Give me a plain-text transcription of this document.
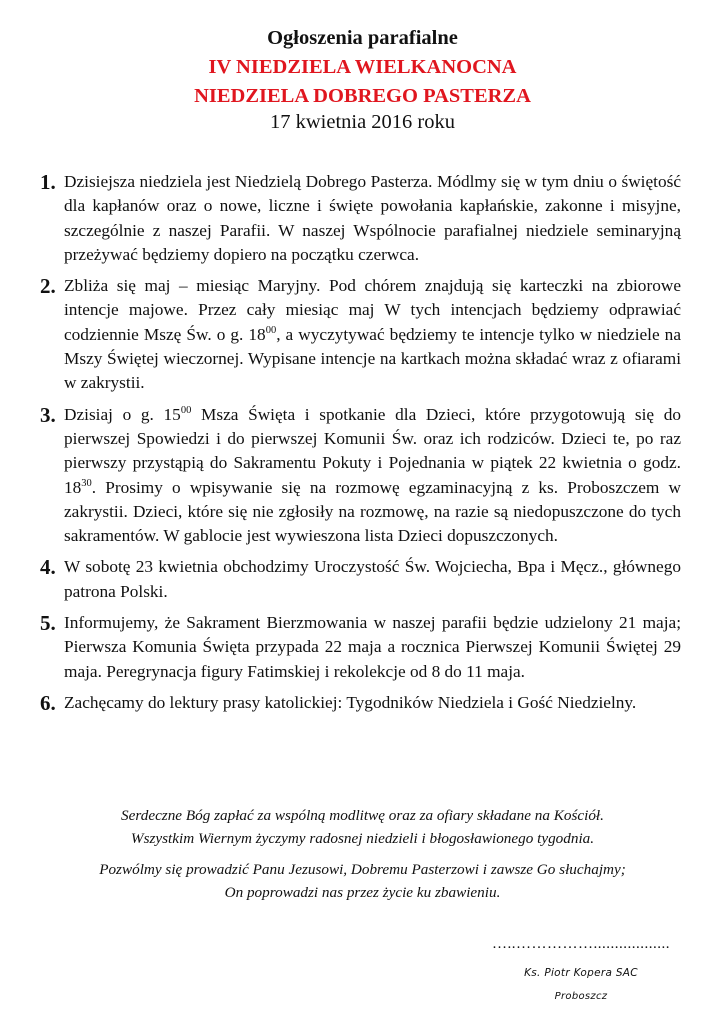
Ogłoszenia parafialne
IV NIEDZIELA WIELKANOCNA
NIEDZIELA DOBREGO PASTERZA
17 kwietnia 2016 roku
1. Dzisiejsza niedziela jest Niedzielą Dobrego Pasterza. Módlmy się w tym dniu o świętość dla kapłanów oraz o nowe, liczne i święte powołania kapłańskie, zakonne i misyjne, szczególnie z naszej Parafii. W naszej Wspólnocie parafialnej niedziele seminaryjną przeżywać będziemy dopiero na początku czerwca.
2. Zbliża się maj – miesiąc Maryjny. Pod chórem znajdują się karteczki na zbiorowe intencje majowe. Przez cały miesiąc maj W tych intencjach będziemy odprawiać codziennie Mszę Św. o g. $18^{00}$, a wyczytywać będziemy te intencje tylko w niedziele na Mszy Świętej wieczornej. Wypisane intencje na kartkach można składać wraz z ofiarami w zakrystii.
3. Dzisiaj o g. $15^{00}$ Msza Święta i spotkanie dla Dzieci, które przygotowują się do pierwszej Spowiedzi i do pierwszej Komunii Św. oraz ich rodziców. Dzieci te, po raz pierwszy przystąpią do Sakramentu Pokuty i Pojednania w piątek 22 kwietnia o godz. $18^{30}$. Prosimy o wpisywanie się na rozmowę egzaminacyjną z ks. Proboszczem w zakrystii. Dzieci, które się nie zgłosiły na rozmowę, na razie są niedopuszczone do tych sakramentów. W gablocie jest wywieszona lista Dzieci dopuszczonych.
4. W sobotę 23 kwietnia obchodzimy Uroczystość Św. Wojciecha, Bpa i Męcz., głównego patrona Polski.
5. Informujemy, że Sakrament Bierzmowania w naszej parafii będzie udzielony 21 maja; Pierwsza Komunia Święta przypada 22 maja a rocznica Pierwszej Komunii Świętej 29 maja. Peregrynacja figury Fatimskiej i rekolekcje od 8 do 11 maja.
6. Zachęcamy do lektury prasy katolickiej: Tygodników Niedziela i Gość Niedzielny.
Serdeczne Bóg zapłać za wspólną modlitwę oraz za ofiary składane na Kościół.
Wszystkim Wiernym życzymy radosnej niedzieli i błogosławionego tygodnia.
Pozwólmy się prowadzić Panu Jezusowi, Dobremu Pasterzowi i zawsze Go słuchajmy;
On poprowadzi nas przez życie ku zbawieniu.
…..……………..................
Ks. Piotr Kopera SAC
Proboszcz
